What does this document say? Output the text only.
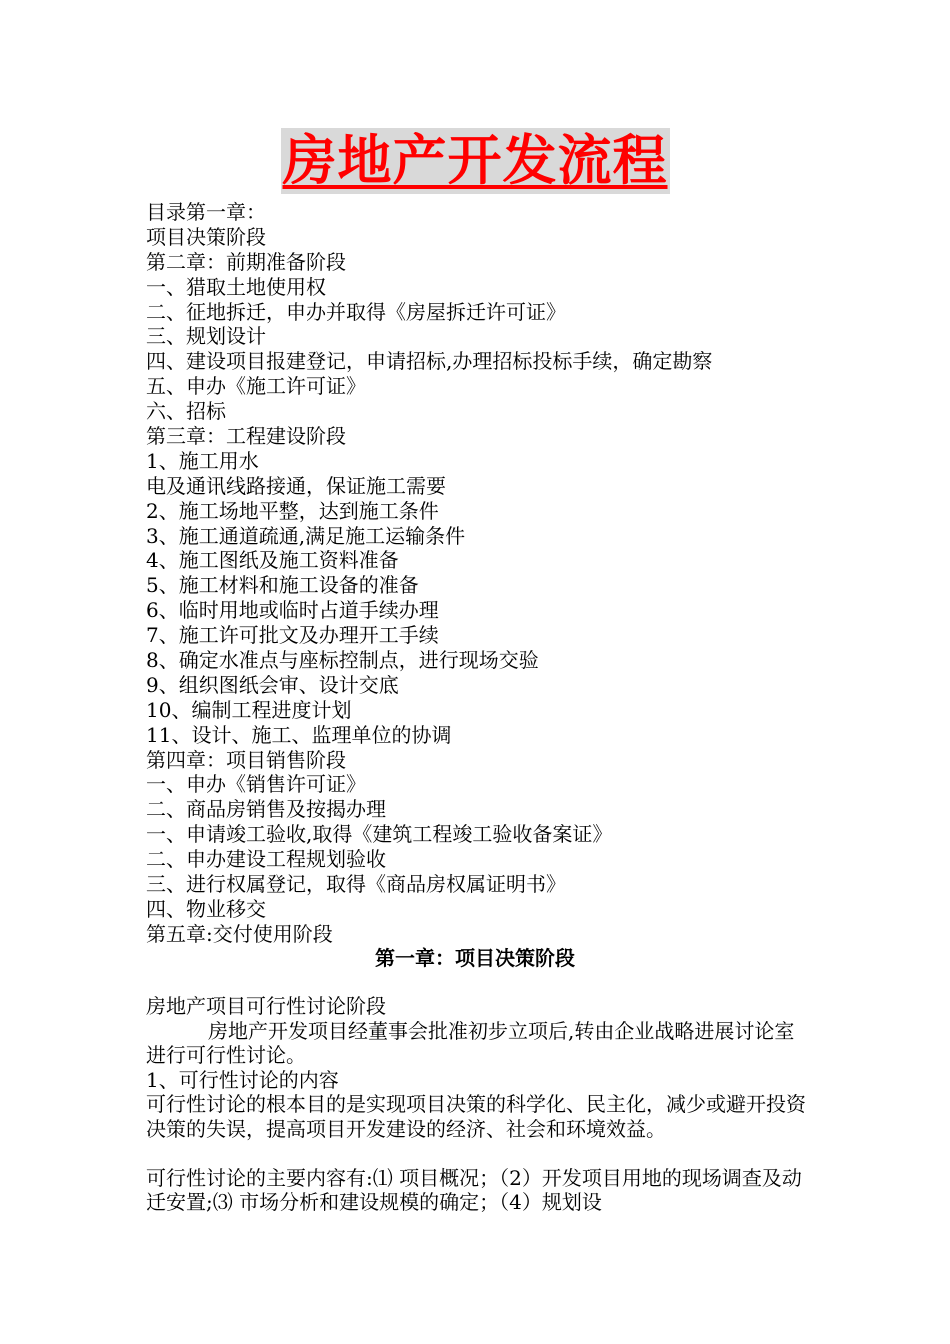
房地产开发流程
目录第一章：
项目决策阶段
第二章：前期准备阶段
一、猎取土地使用权
二、征地拆迁，申办并取得《房屋拆迁许可证》
三、规划设计
四、建设项目报建登记，申请招标,办理招标投标手续，确定勘察
五、申办《施工许可证》
六、招标
第三章：工程建设阶段
1、施工用水
电及通讯线路接通，保证施工需要
2、施工场地平整，达到施工条件
3、施工通道疏通,满足施工运输条件
4、施工图纸及施工资料准备
5、施工材料和施工设备的准备
6、临时用地或临时占道手续办理
7、施工许可批文及办理开工手续
8、确定水准点与座标控制点，进行现场交验
9、组织图纸会审、设计交底
10、编制工程进度计划
11、设计、施工、监理单位的协调
第四章：项目销售阶段
一、申办《销售许可证》
二、商品房销售及按揭办理
一、申请竣工验收,取得《建筑工程竣工验收备案证》
二、申办建设工程规划验收
三、进行权属登记，取得《商品房权属证明书》
四、物业移交
第五章:交付使用阶段
第一章：项目决策阶段

房地产项目可行性讨论阶段

房地产开发项目经董事会批准初步立项后,转由企业战略进展讨论室进行可行性讨论。

1、可行性讨论的内容

可行性讨论的根本目的是实现项目决策的科学化、民主化，减少或避开投资决策的失误，提高项目开发建设的经济、社会和环境效益。

可行性讨论的主要内容有:⑴ 项目概况；（2）开发项目用地的现场调查及动迁安置;⑶ 市场分析和建设规模的确定；（4）规划设
